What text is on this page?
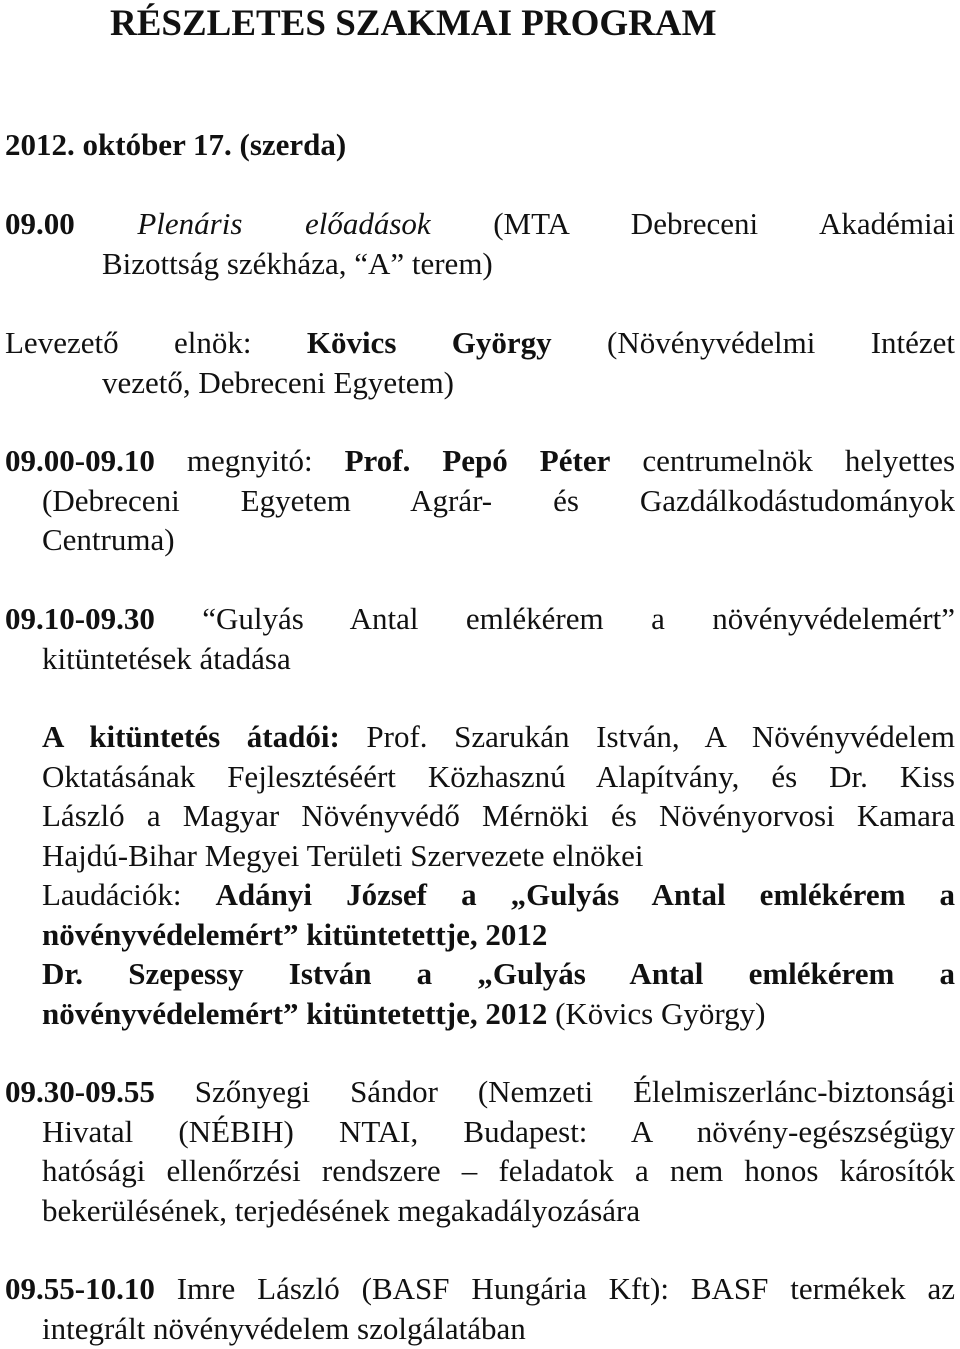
RÉSZLETES SZAKMAI PROGRAM
2012. október 17. (szerda)
09.00 Plenáris előadások (MTA Debreceni Akadémiai
Bizottság székháza, “A” terem)
Levezető elnök: Kövics György (Növényvédelmi Intézet
vezető, Debreceni Egyetem)
09.00-09.10 megnyitó: Prof. Pepó Péter centrumelnök helyettes
(Debreceni Egyetem Agrár- és Gazdálkodástudományok
Centruma)
09.10-09.30 “Gulyás Antal emlékérem a növényvédelemért”
kitüntetések átadása
A kitüntetés átadói: Prof. Szarukán István, A Növényvédelem
Oktatásának Fejlesztéséért Közhasznú Alapítvány, és Dr. Kiss
László a Magyar Növényvédő Mérnöki és Növényorvosi Kamara
Hajdú-Bihar Megyei Területi Szervezete elnökei
Laudációk: Adányi József a „Gulyás Antal emlékérem a
növényvédelemért” kitüntetettje, 2012
Dr. Szepessy István a „Gulyás Antal emlékérem a
növényvédelemért” kitüntetettje, 2012 (Kövics György)
09.30-09.55 Szőnyegi Sándor (Nemzeti Élelmiszerlánc-biztonsági
Hivatal (NÉBIH) NTAI, Budapest: A növény-egészségügy
hatósági ellenőrzési rendszere – feladatok a nem honos károsítók
bekerülésének, terjedésének megakadályozására
09.55-10.10 Imre László (BASF Hungária Kft): BASF termékek az
integrált növényvédelem szolgálatában
